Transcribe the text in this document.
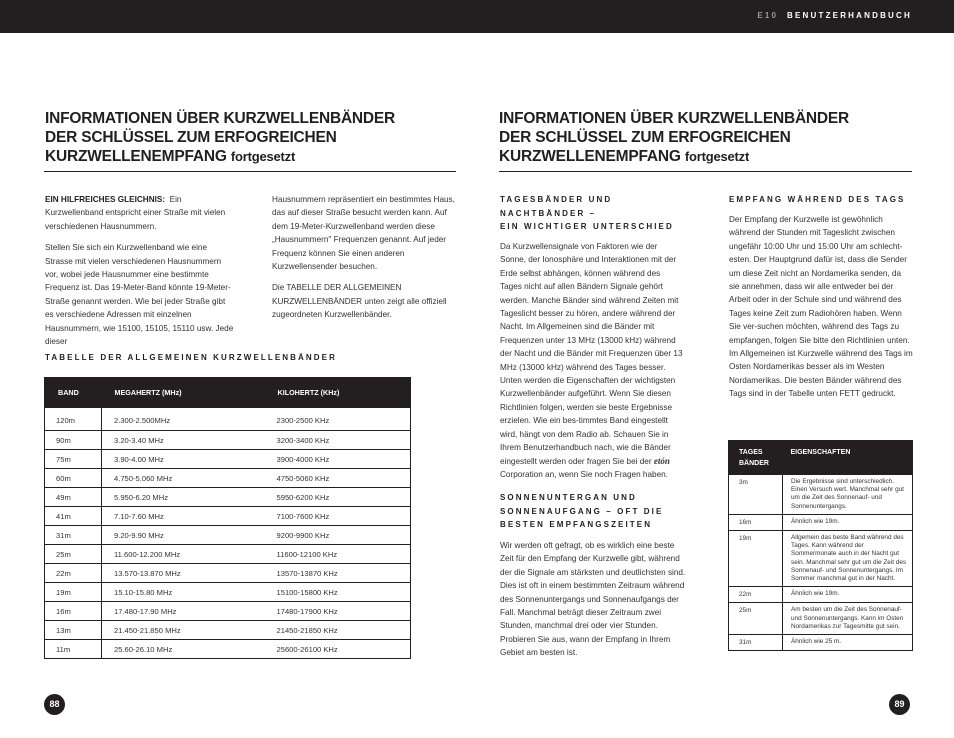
E10 BENUTZERHANDBUCH
INFORMATIONEN ÜBER KURZWELLENBÄNDER
DER SCHLÜSSEL ZUM ERFOGREICHEN
KURZWELLENEMPFANG fortgesetzt

EIN HILFREICHES GLEICHNIS: Ein Kurzwellenband entspricht einer Straße mit vielen verschiedenen Hausnummern.

Stellen Sie sich ein Kurzwellenband wie eine Strasse mit vielen verschiedenen Hausnummern vor, wobei jede Hausnummer eine bestimmte Frequenz ist. Das 19-Meter-Band könnte 19-Meter-Straße genannt werden. Wie bei jeder Straße gibt es verschiedene Adressen mit einzelnen Hausnummern, wie 15100, 15105, 15110 usw. Jede dieser

Hausnummern repräsentiert ein bestimmtes Haus, das auf dieser Straße besucht werden kann. Auf dem 19-Meter-Kurzwellenband werden diese „Hausnummern" Frequenzen genannt. Auf jeder Frequenz können Sie einen anderen Kurzwellensender besuchen.

Die TABELLE DER ALLGEMEINEN KURZWELLENBÄNDER unten zeigt alle offiziell zugeordneten Kurzwellenbänder.

TABELLE DER ALLGEMEINEN KURZWELLENBÄNDER
BAND	MEGAHERTZ (MHz)	KILOHERTZ (KHz)
120m	2.300-2.500MHz	2300-2500 KHz
90m	3.20-3.40 MHz	3200-3400 KHz
75m	3.90-4.00 MHz	3900-4000 KHz
60m	4.750-5.060 MHz	4750-5060 KHz
49m	5.950-6.20 MHz	5950-6200 KHz
41m	7.10-7.60 MHz	7100-7600 KHz
31m	9.20-9.90 MHz	9200-9900 KHz
25m	11.600-12.200 MHz	11600-12100 KHz
22m	13.570-13.870 MHz	13570-13870 KHz
19m	15.10-15.80 MHz	15100-15800 KHz
16m	17.480-17.90 MHz	17480-17900 KHz
13m	21.450-21.850 MHz	21450-21850 KHz
11m	25.60-26.10 MHz	25600-26100 KHz
88
INFORMATIONEN ÜBER KURZWELLENBÄNDER
DER SCHLÜSSEL ZUM ERFOGREICHEN
KURZWELLENEMPFANG fortgesetzt
TAGESBÄNDER UND
NACHTBÄNDER –
EIN WICHTIGER UNTERSCHIED

Da Kurzwellensignale von Faktoren wie der Sonne, der Ionosphäre und Interaktionen mit der Erde selbst abhängen, können während des Tages nicht auf allen Bändern Signale gehört werden. Manche Bänder sind während Zeiten mit Tageslicht besser zu hören, andere während der Nacht. Im Allgemeinen sind die Bänder mit Frequenzen unter 13 MHz (13000 kHz) während der Nacht und die Bänder mit Frequenzen über 13 MHz (13000 kHz) während des Tages besser. Unten werden die Eigenschaften der wichtigsten Kurzwellenbänder aufgeführt. Wenn Sie diesen Richtlinien folgen, werden sie beste Ergebnisse erzielen. Wie ein bes-timmtes Band eingestellt wird, hängt von dem Radio ab. Schauen Sie in Ihrem Benutzerhandbuch nach, wie die Bänder eingestellt werden oder fragen Sie bei der etón Corporation an, wenn Sie noch Fragen haben.

SONNENUNTERGAN UND
SONNENAUFGANG – OFT DIE
BESTEN EMPFANGSZEITEN

Wir werden oft gefragt, ob es wirklich eine beste Zeit für den Empfang der Kurzwelle gibt, während der die Signale am stärksten und deutlichsten sind. Dies ist oft in einem bestimmten Zeitraum während des Sonnenuntergangs und Sonnenaufgangs der Fall. Manchmal beträgt dieser Zeitraum zwei Stunden, manchmal drei oder vier Stunden. Probieren Sie aus, wann der Empfang in Ihrem Gebiet am besten ist.

EMPFANG WÄHREND DES TAGS

Der Empfang der Kurzwelle ist gewöhnlich während der Stunden mit Tageslicht zwischen ungefähr 10:00 Uhr und 15:00 Uhr am schlecht-esten. Der Hauptgrund dafür ist, dass die Sender um diese Zeit nicht an Nordamerika senden, da sie annehmen, dass wir alle entweder bei der Arbeit oder in der Schule sind und während des Tages keine Zeit zum Radiohören haben. Wenn Sie ver-suchen möchten, während des Tags zu empfangen, folgen Sie bitte den Richtlinien unten. Im Allgemeinen ist Kurzwelle während des Tags im Osten Nordamerikas besser als im Westen Nordamerikas. Die besten Bänder während des Tags sind in der Tabelle unten FETT gedruckt.

TAGES BÄNDER	EIGENSCHAFTEN
3m	Die Ergebnisse sind unterschiedlich. Einen Versuch wert. Manchmal sehr gut um die Zeit des Sonnenauf- und Sonnenuntergangs.
16m	Ähnlich wie 19m.
19m	Allgemein das beste Band während des Tages. Kann während der Sommermonate auch in der Nacht gut sein. Manchmal sehr gut um die Zeit des Sonnenauf- und Sonnenuntergangs. Im Sommer manchmal gut in der Nacht.
22m	Ähnlich wie 19m.
25m	Am besten um die Zeit des Sonnenauf- und Sonnenuntergangs. Kann im Osten Nordamerikas zur Tagesmitte gut sein.
31m	Ähnlich wie 25 m.
89
